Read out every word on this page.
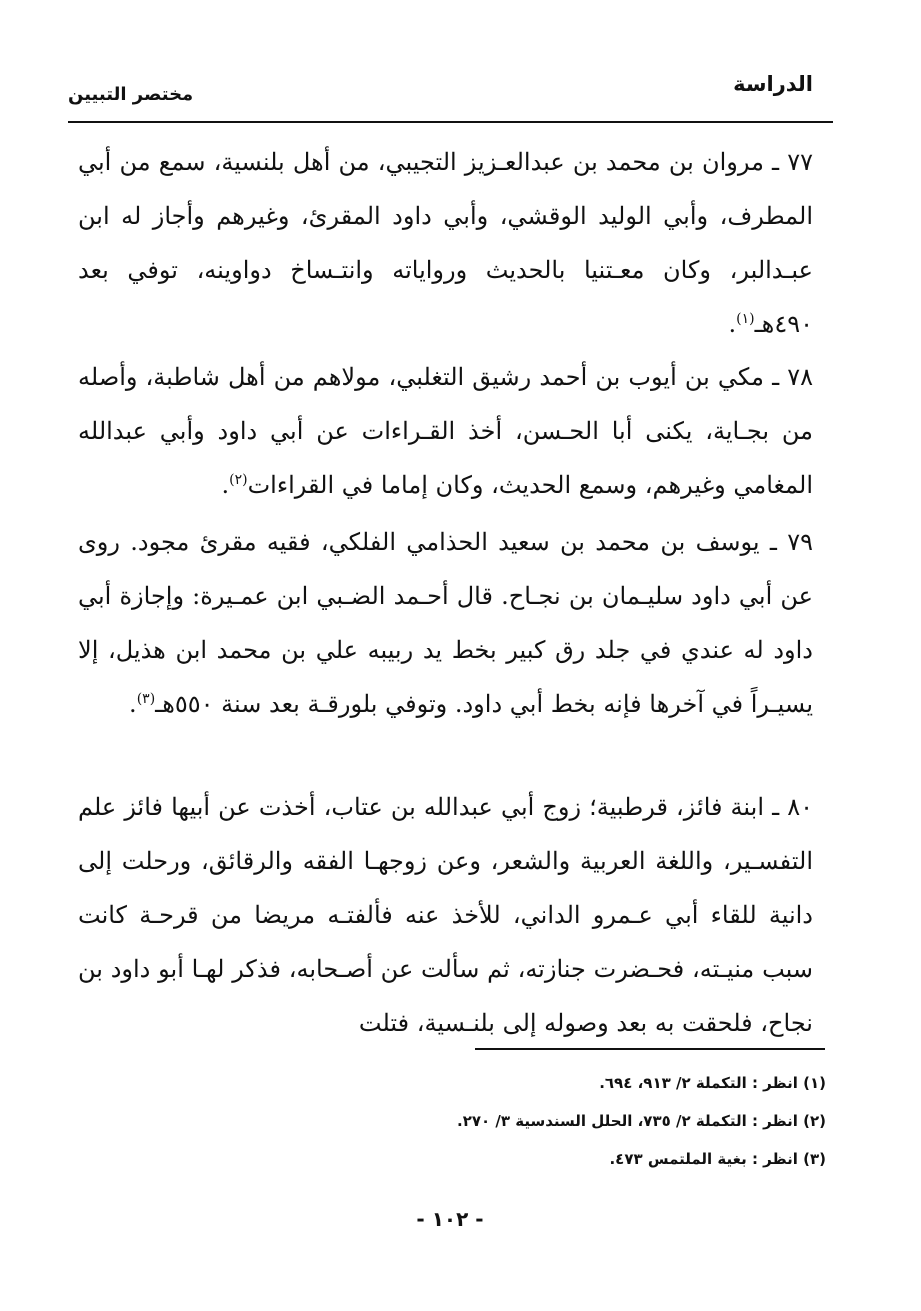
الدراسة
مختصر التبيين

٧٧ ـ مروان بن محمد بن عبدالعـزيز التجيبي، من أهل بلنسية، سمع من أبي المطرف، وأبي الوليد الوقشي، وأبي داود المقرئ، وغيرهم وأجاز له ابن عبـدالبر، وكان معـتنيا بالحديث ورواياته وانتـساخ دواوينه، توفي بعد ٤٩٠هـ$^{(١)}$.

٧٨ ـ مكي بن أيوب بن أحمد رشيق التغلبي، مولاهم من أهل شاطبة، وأصله من بجـاية، يكنى أبا الحـسن، أخذ القـراءات عن أبي داود وأبي عبدالله المغامي وغيرهم، وسمع الحديث، وكان إماما في القراءات$^{(٢)}$.

٧٩ ـ يوسف بن محمد بن سعيد الحذامي الفلكي، فقيه مقرئ مجود. روى عن أبي داود سليـمان بن نجـاح. قال أحـمد الضـبي ابن عمـيرة: وإجازة أبي داود له عندي في جلد رق كبير بخط يد ربيبه علي بن محمد ابن هذيل، إلا يسيـراً في آخرها فإنه بخط أبي داود. وتوفي بلورقـة بعد سنة ٥٥٠هـ$^{(٣)}$.

٨٠ ـ ابنة فائز، قرطبية؛ زوج أبي عبدالله بن عتاب، أخذت عن أبيها فائز علم التفسـير، واللغة العربية والشعر، وعن زوجهـا الفقه والرقائق، ورحلت إلى دانية للقاء أبي عـمرو الداني، للأخذ عنه فألفتـه مريضا من قرحـة كانت سبب منيـته، فحـضرت جنازته، ثم سألت عن أصـحابه، فذكر لهـا أبو داود بن نجاح، فلحقت به بعد وصوله إلى بلنـسية، فتلت

(١) انظر : التكملة ٢/ ٩١٣، ٦٩٤.
(٢) انظر : التكملة ٢/ ٧٣٥، الحلل السندسية ٣/ ٢٧٠.
(٣) انظر : بغية الملتمس ٤٧٣.
- ١٠٢ -
